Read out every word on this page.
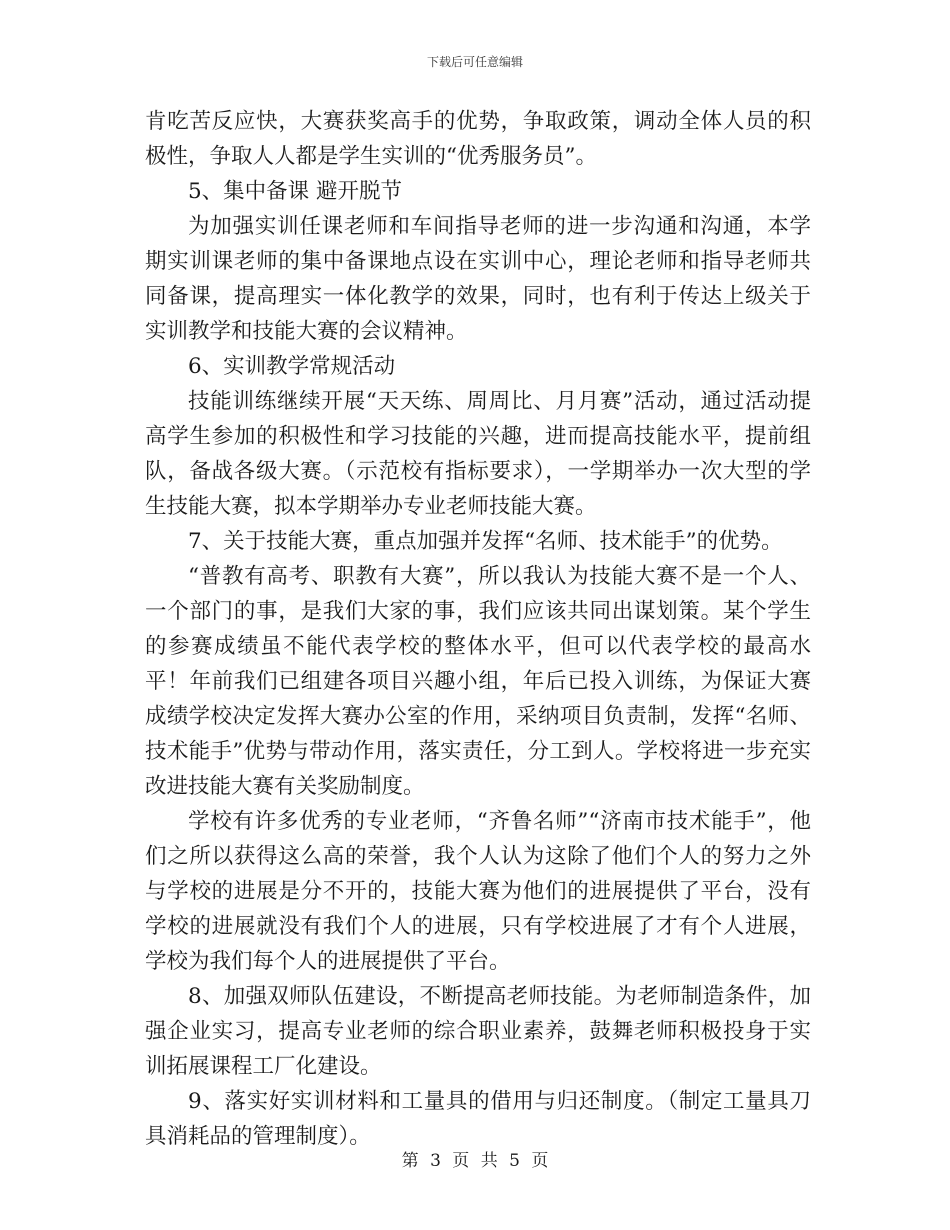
下载后可任意编辑

肯吃苦反应快，大赛获奖高手的优势，争取政策，调动全体人员的积极性，争取人人都是学生实训的“优秀服务员”。

5、集中备课 避开脱节

为加强实训任课老师和车间指导老师的进一步沟通和沟通，本学期实训课老师的集中备课地点设在实训中心，理论老师和指导老师共同备课，提高理实一体化教学的效果，同时，也有利于传达上级关于实训教学和技能大赛的会议精神。

6、实训教学常规活动

技能训练继续开展“天天练、周周比、月月赛”活动，通过活动提高学生参加的积极性和学习技能的兴趣，进而提高技能水平，提前组队，备战各级大赛。（示范校有指标要求），一学期举办一次大型的学生技能大赛，拟本学期举办专业老师技能大赛。

7、关于技能大赛，重点加强并发挥“名师、技术能手”的优势。

“普教有高考、职教有大赛”，所以我认为技能大赛不是一个人、一个部门的事，是我们大家的事，我们应该共同出谋划策。某个学生的参赛成绩虽不能代表学校的整体水平，但可以代表学校的最高水平！年前我们已组建各项目兴趣小组，年后已投入训练，为保证大赛成绩学校决定发挥大赛办公室的作用，采纳项目负责制，发挥“名师、技术能手”优势与带动作用，落实责任，分工到人。学校将进一步充实改进技能大赛有关奖励制度。

学校有许多优秀的专业老师，“齐鲁名师”“济南市技术能手”，他们之所以获得这么高的荣誉，我个人认为这除了他们个人的努力之外与学校的进展是分不开的，技能大赛为他们的进展提供了平台，没有学校的进展就没有我们个人的进展，只有学校进展了才有个人进展，学校为我们每个人的进展提供了平台。

8、加强双师队伍建设，不断提高老师技能。为老师制造条件，加强企业实习，提高专业老师的综合职业素养，鼓舞老师积极投身于实训拓展课程工厂化建设。

9、落实好实训材料和工量具的借用与归还制度。（制定工量具刀具消耗品的管理制度）。

第 3 页 共 5 页
